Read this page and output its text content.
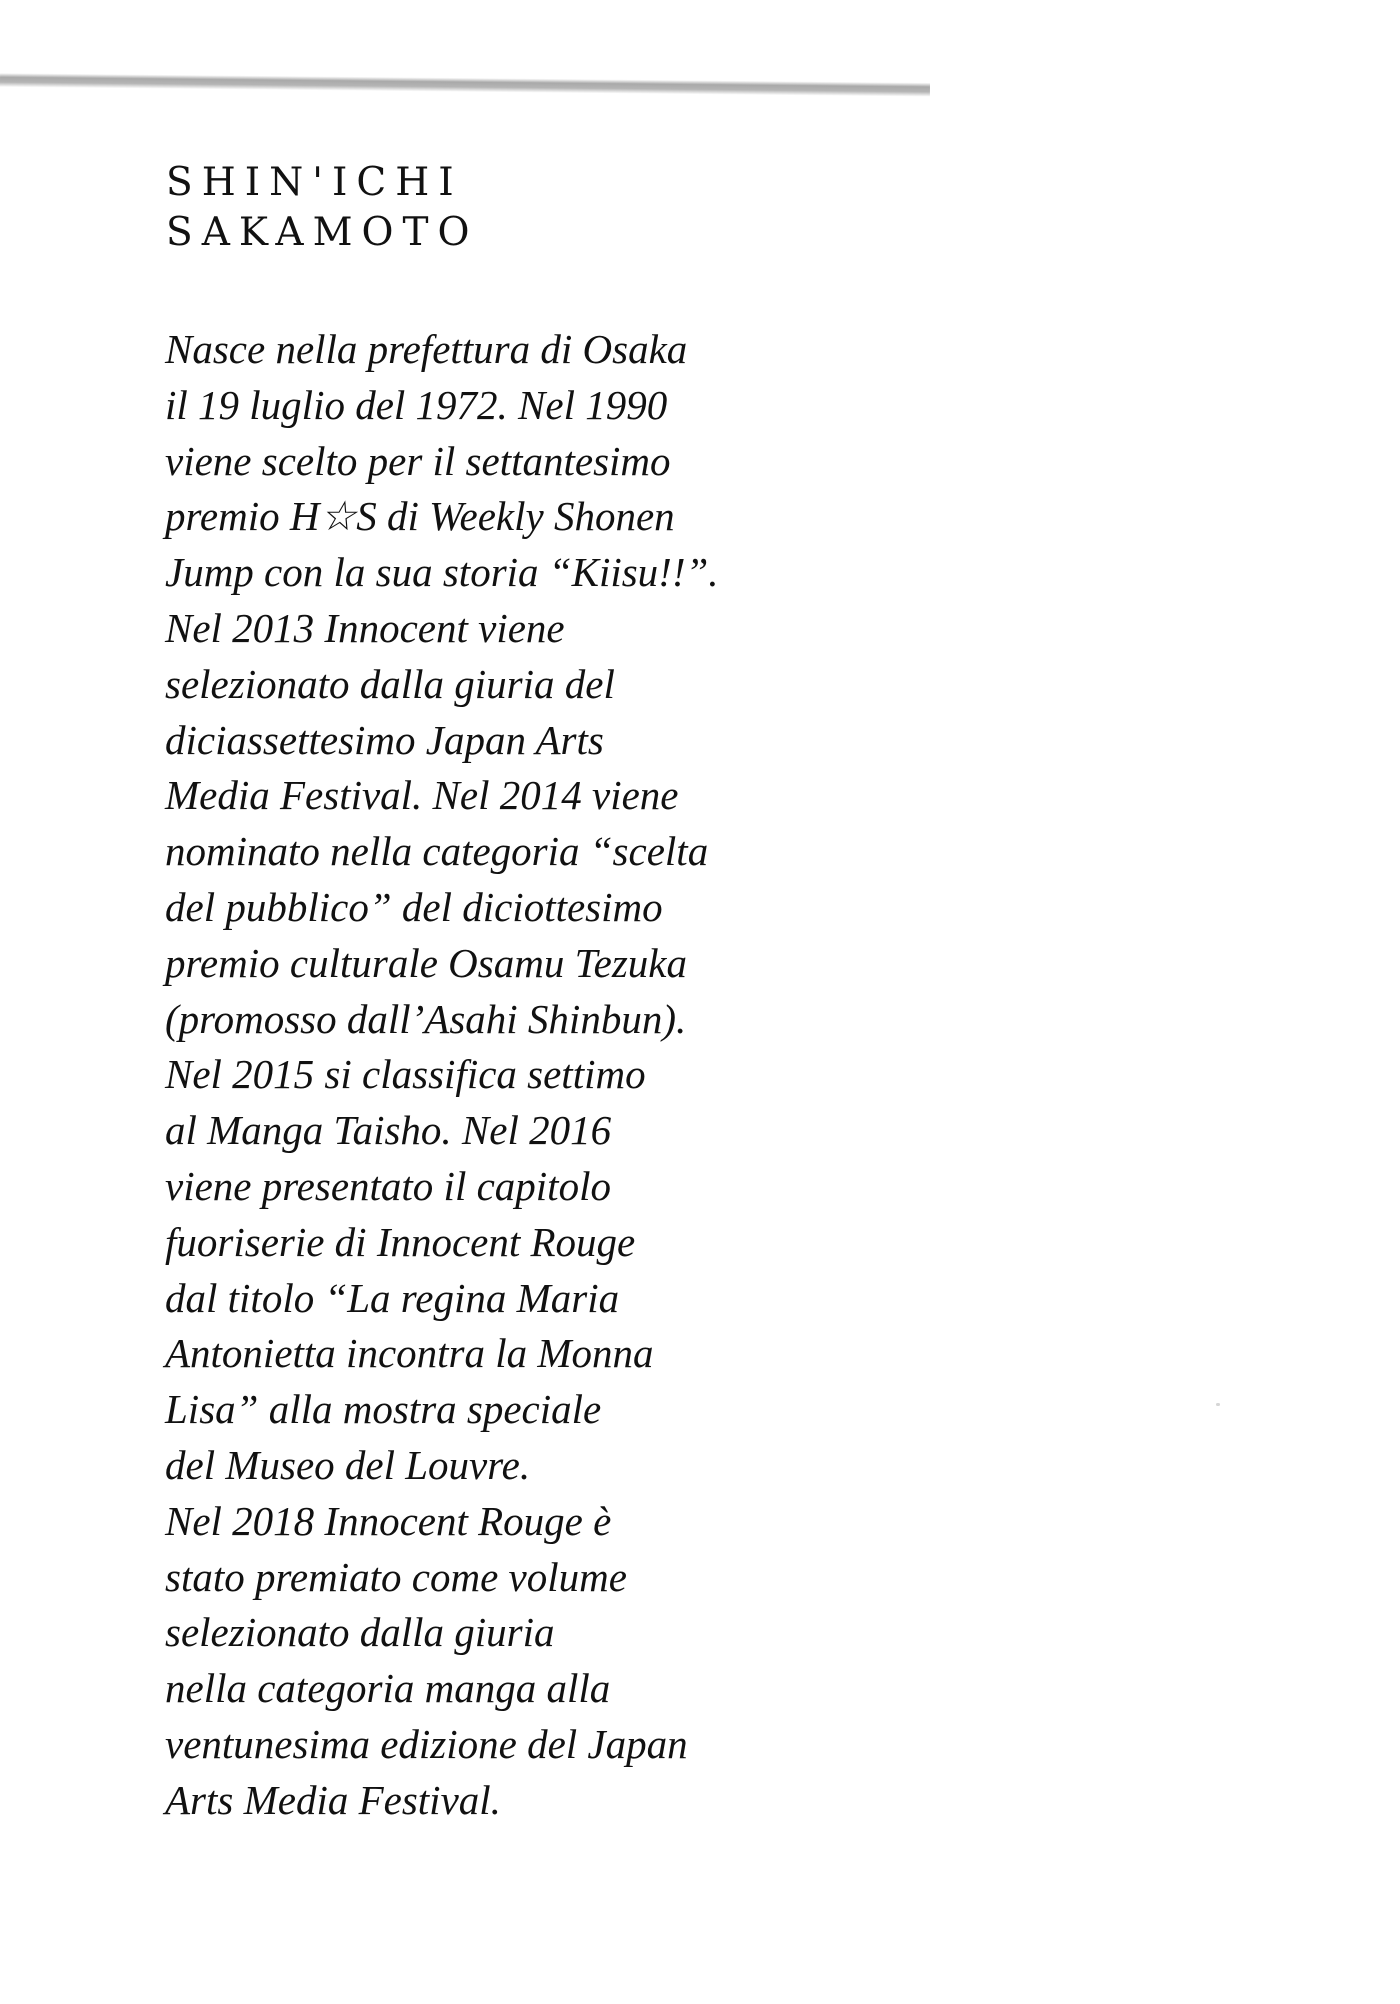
SHIN'ICHI
SAKAMOTO

Nasce nella prefettura di Osaka
il 19 luglio del 1972. Nel 1990
viene scelto per il settantesimo
premio H☆S di Weekly Shonen
Jump con la sua storia “Kiisu!!”.
Nel 2013 Innocent viene
selezionato dalla giuria del
diciassettesimo Japan Arts
Media Festival. Nel 2014 viene
nominato nella categoria “scelta
del pubblico” del diciottesimo
premio culturale Osamu Tezuka
(promosso dall’Asahi Shinbun).
Nel 2015 si classifica settimo
al Manga Taisho. Nel 2016
viene presentato il capitolo
fuoriserie di Innocent Rouge
dal titolo “La regina Maria
Antonietta incontra la Monna
Lisa” alla mostra speciale
del Museo del Louvre.
Nel 2018 Innocent Rouge è
stato premiato come volume
selezionato dalla giuria
nella categoria manga alla
ventunesima edizione del Japan
Arts Media Festival.
